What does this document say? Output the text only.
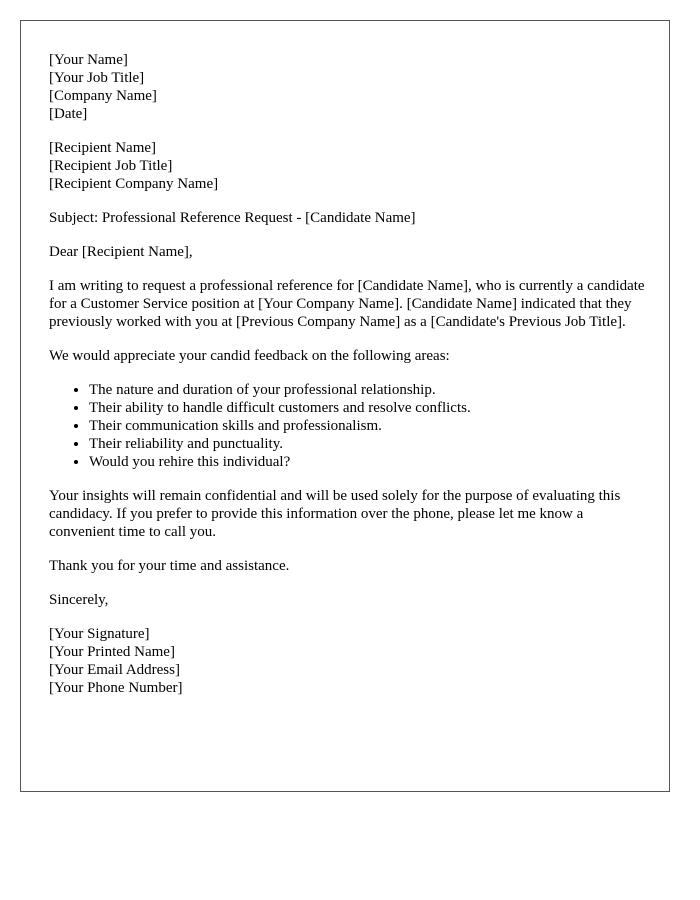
[Your Name]
[Your Job Title]
[Company Name]
[Date]
[Recipient Name]
[Recipient Job Title]
[Recipient Company Name]

Subject: Professional Reference Request - [Candidate Name]

Dear [Recipient Name],

I am writing to request a professional reference for [Candidate Name], who is currently a candidate for a Customer Service position at [Your Company Name]. [Candidate Name] indicated that they previously worked with you at [Previous Company Name] as a [Candidate's Previous Job Title].

We would appreciate your candid feedback on the following areas:

• The nature and duration of your professional relationship.
• Their ability to handle difficult customers and resolve conflicts.
• Their communication skills and professionalism.
• Their reliability and punctuality.
• Would you rehire this individual?

Your insights will remain confidential and will be used solely for the purpose of evaluating this candidacy. If you prefer to provide this information over the phone, please let me know a convenient time to call you.

Thank you for your time and assistance.

Sincerely,

[Your Signature]
[Your Printed Name]
[Your Email Address]
[Your Phone Number]
